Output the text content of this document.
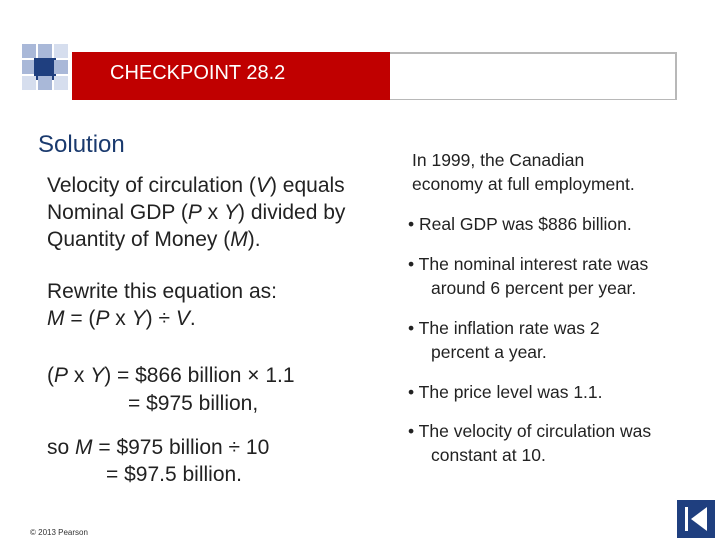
CHECKPOINT 28.2
Solution

Velocity of circulation (V) equals

Nominal GDP (P x Y) divided by

Quantity of Money (M).

Rewrite this equation as:

M = (P x Y) ÷ V.

(P x Y) = $866 billion × 1.1

= $975 billion,

so M = $975 billion ÷ 10

= $97.5 billion.

In 1999, the Canadian

economy at full employment.

• Real GDP was $886 billion.

• The nominal interest rate was

around 6 percent per year.

• The inflation rate was 2

percent a year.

• The price level was 1.1.

• The velocity of circulation was

constant at 10.

© 2013 Pearson
